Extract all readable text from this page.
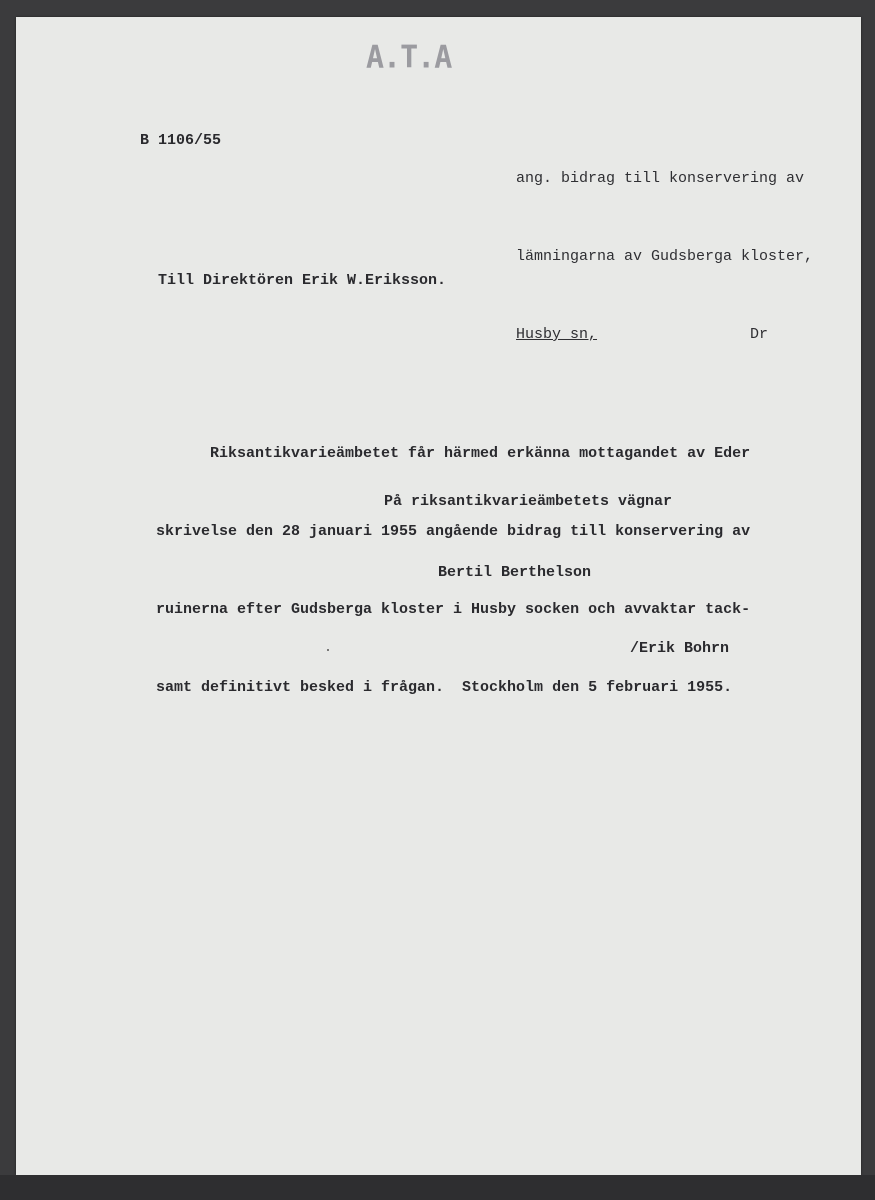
A.T.A
B 1106/55

ang. bidrag till konservering av

lämningarna av Gudsberga kloster,

Husby sn,	Dr

Till Direktören Erik W.Eriksson.

Riksantikvarieämbetet får härmed erkänna mottagandet av Eder

skrivelse den 28 januari 1955 angående bidrag till konservering av

ruinerna efter Gudsberga kloster i Husby socken och avvaktar tack-

samt definitivt besked i frågan.  Stockholm den 5 februari 1955.

På riksantikvarieämbetets vägnar
Bertil Berthelson
/Erik Bohrn
